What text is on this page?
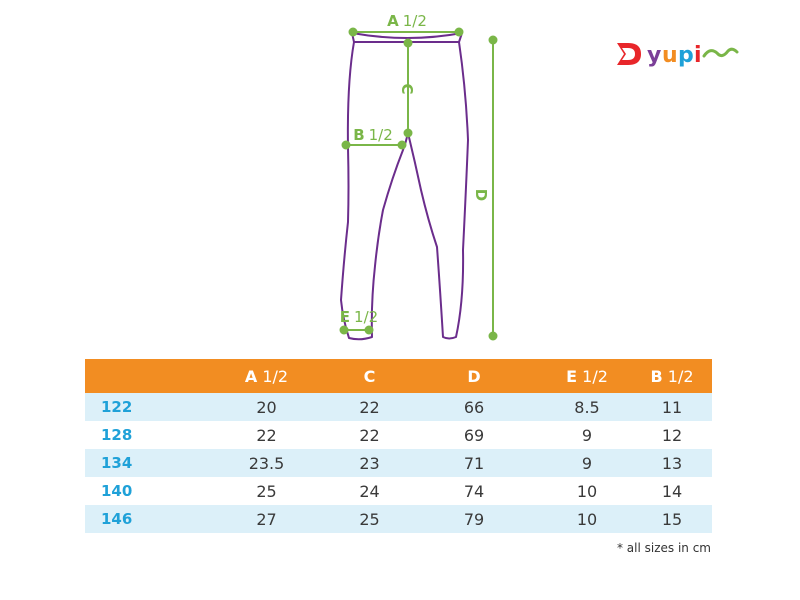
A 1/2
C
B 1/2
D
E 1/2
y u p i
	A 1/2	C	D	E 1/2	B 1/2
122	20	22	66	8.5	11
128	22	22	69	9	12
134	23.5	23	71	9	13
140	25	24	74	10	14
146	27	25	79	10	15
* all sizes in cm
